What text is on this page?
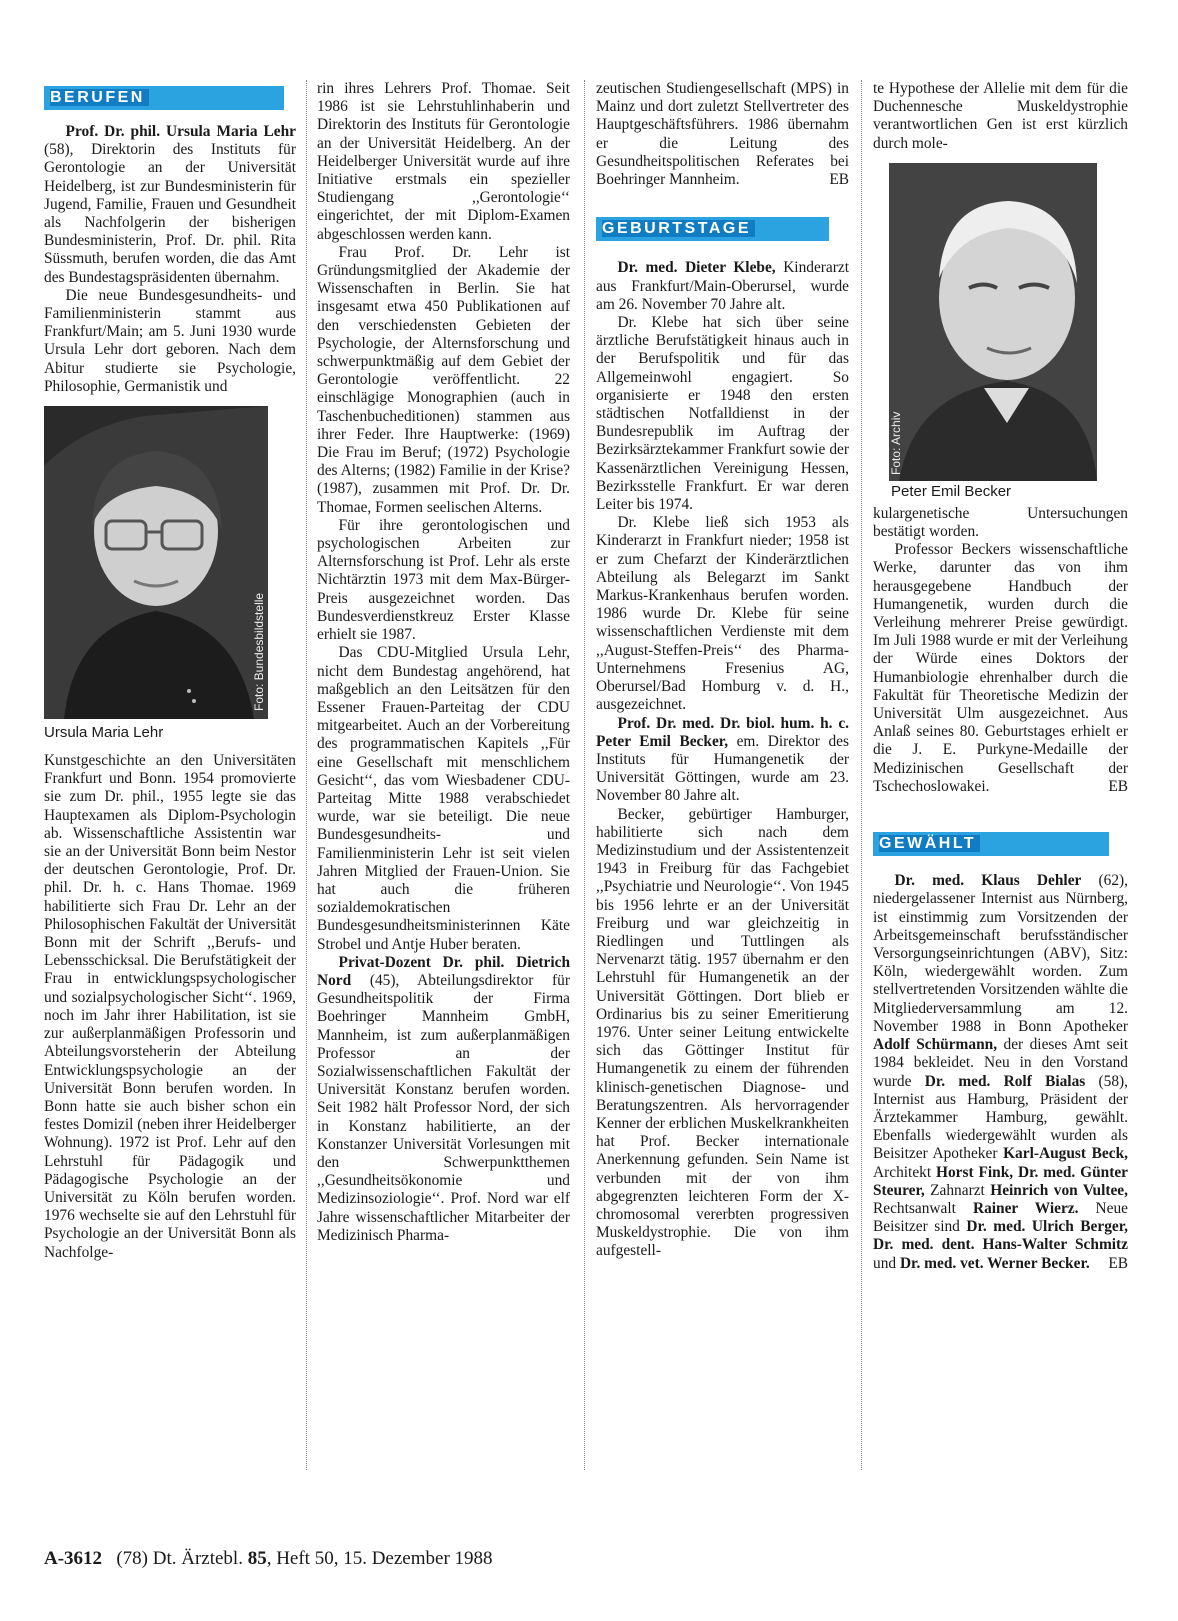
BERUFEN

Prof. Dr. phil. Ursula Maria Lehr (58), Direktorin des Instituts für Gerontologie an der Universität Heidelberg, ist zur Bundesministerin für Jugend, Familie, Frauen und Gesundheit als Nachfolgerin der bisherigen Bundesministerin, Prof. Dr. phil. Rita Süssmuth, berufen worden, die das Amt des Bundestagspräsidenten übernahm.

Die neue Bundesgesundheits- und Familienministerin stammt aus Frankfurt/Main; am 5. Juni 1930 wurde Ursula Lehr dort geboren. Nach dem Abitur studierte sie Psychologie, Philosophie, Germanistik und

Foto: Bundesbildstelle
Ursula Maria Lehr

Kunstgeschichte an den Universitäten Frankfurt und Bonn. 1954 promovierte sie zum Dr. phil., 1955 legte sie das Hauptexamen als Diplom-Psychologin ab. Wissenschaftliche Assistentin war sie an der Universität Bonn beim Nestor der deutschen Gerontologie, Prof. Dr. phil. Dr. h. c. Hans Thomae. 1969 habilitierte sich Frau Dr. Lehr an der Philosophischen Fakultät der Universität Bonn mit der Schrift ,,Berufs- und Lebensschicksal. Die Berufstätigkeit der Frau in entwicklungspsychologischer und sozialpsychologischer Sicht‘‘. 1969, noch im Jahr ihrer Habilitation, ist sie zur außerplanmäßigen Professorin und Abteilungsvorsteherin der Abteilung Entwicklungspsychologie an der Universität Bonn berufen worden. In Bonn hatte sie auch bisher schon ein festes Domizil (neben ihrer Heidelberger Wohnung). 1972 ist Prof. Lehr auf den Lehrstuhl für Pädagogik und Pädagogische Psychologie an der Universität zu Köln berufen worden. 1976 wechselte sie auf den Lehrstuhl für Psychologie an der Universität Bonn als Nachfolge-

rin ihres Lehrers Prof. Thomae. Seit 1986 ist sie Lehrstuhlinhaberin und Direktorin des Instituts für Gerontologie an der Universität Heidelberg. An der Heidelberger Universität wurde auf ihre Initiative erstmals ein spezieller Studiengang ,,Gerontologie‘‘ eingerichtet, der mit Diplom-Examen abgeschlossen werden kann.

Frau Prof. Dr. Lehr ist Gründungsmitglied der Akademie der Wissenschaften in Berlin. Sie hat insgesamt etwa 450 Publikationen auf den verschiedensten Gebieten der Psychologie, der Alternsforschung und schwerpunktmäßig auf dem Gebiet der Gerontologie veröffentlicht. 22 einschlägige Monographien (auch in Taschenbucheditionen) stammen aus ihrer Feder. Ihre Hauptwerke: (1969) Die Frau im Beruf; (1972) Psychologie des Alterns; (1982) Familie in der Krise? (1987), zusammen mit Prof. Dr. Dr. Thomae, Formen seelischen Alterns.

Für ihre gerontologischen und psychologischen Arbeiten zur Alternsforschung ist Prof. Lehr als erste Nichtärztin 1973 mit dem Max-Bürger-Preis ausgezeichnet worden. Das Bundesverdienstkreuz Erster Klasse erhielt sie 1987.

Das CDU-Mitglied Ursula Lehr, nicht dem Bundestag angehörend, hat maßgeblich an den Leitsätzen für den Essener Frauen-Parteitag der CDU mitgearbeitet. Auch an der Vorbereitung des programmatischen Kapitels ,,Für eine Gesellschaft mit menschlichem Gesicht‘‘, das vom Wiesbadener CDU-Parteitag Mitte 1988 verabschiedet wurde, war sie beteiligt. Die neue Bundesgesundheits- und Familienministerin Lehr ist seit vielen Jahren Mitglied der Frauen-Union. Sie hat auch die früheren sozialdemokratischen Bundesgesundheitsministerinnen Käte Strobel und Antje Huber beraten.

Privat-Dozent Dr. phil. Dietrich Nord (45), Abteilungsdirektor für Gesundheitspolitik der Firma Boehringer Mannheim GmbH, Mannheim, ist zum außerplanmäßigen Professor an der Sozialwissenschaftlichen Fakultät der Universität Konstanz berufen worden. Seit 1982 hält Professor Nord, der sich in Konstanz habilitierte, an der Konstanzer Universität Vorlesungen mit den Schwerpunktthemen ,,Gesundheitsökonomie und Medizinsoziologie‘‘. Prof. Nord war elf Jahre wissenschaftlicher Mitarbeiter der Medizinisch Pharma-

zeutischen Studiengesellschaft (MPS) in Mainz und dort zuletzt Stellvertreter des Hauptgeschäftsführers. 1986 übernahm er die Leitung des Gesundheitspolitischen Referates bei Boehringer Mannheim.	EB
GEBURTSTAGE

Dr. med. Dieter Klebe, Kinderarzt aus Frankfurt/Main-Oberursel, wurde am 26. November 70 Jahre alt.

Dr. Klebe hat sich über seine ärztliche Berufstätigkeit hinaus auch in der Berufspolitik und für das Allgemeinwohl engagiert. So organisierte er 1948 den ersten städtischen Notfalldienst in der Bundesrepublik im Auftrag der Bezirksärztekammer Frankfurt sowie der Kassenärztlichen Vereinigung Hessen, Bezirksstelle Frankfurt. Er war deren Leiter bis 1974.

Dr. Klebe ließ sich 1953 als Kinderarzt in Frankfurt nieder; 1958 ist er zum Chefarzt der Kinderärztlichen Abteilung als Belegarzt im Sankt Markus-Krankenhaus berufen worden. 1986 wurde Dr. Klebe für seine wissenschaftlichen Verdienste mit dem ,,August-Steffen-Preis‘‘ des Pharma-Unternehmens Fresenius AG, Oberursel/Bad Homburg v. d. H., ausgezeichnet.

Prof. Dr. med. Dr. biol. hum. h. c. Peter Emil Becker, em. Direktor des Instituts für Humangenetik der Universität Göttingen, wurde am 23. November 80 Jahre alt.

Becker, gebürtiger Hamburger, habilitierte sich nach dem Medizinstudium und der Assistentenzeit 1943 in Freiburg für das Fachgebiet ,,Psychiatrie und Neurologie‘‘. Von 1945 bis 1956 lehrte er an der Universität Freiburg und war gleichzeitig in Riedlingen und Tuttlingen als Nervenarzt tätig. 1957 übernahm er den Lehrstuhl für Humangenetik an der Universität Göttingen. Dort blieb er Ordinarius bis zu seiner Emeritierung 1976. Unter seiner Leitung entwickelte sich das Göttinger Institut für Humangenetik zu einem der führenden klinisch-genetischen Diagnose- und Beratungszentren. Als hervorragender Kenner der erblichen Muskelkrankheiten hat Prof. Becker internationale Anerkennung gefunden. Sein Name ist verbunden mit der von ihm abgegrenzten leichteren Form der X-chromosomal vererbten progressiven Muskeldystrophie. Die von ihm aufgestell-

te Hypothese der Allelie mit dem für die Duchennesche Muskeldystrophie verantwortlichen Gen ist erst kürzlich durch mole-

Foto: Archiv
Peter Emil Becker

kulargenetische Untersuchungen bestätigt worden.

Professor Beckers wissenschaftliche Werke, darunter das von ihm herausgegebene Handbuch der Humangenetik, wurden durch die Verleihung mehrerer Preise gewürdigt. Im Juli 1988 wurde er mit der Verleihung der Würde eines Doktors der Humanbiologie ehrenhalber durch die Fakultät für Theoretische Medizin der Universität Ulm ausgezeichnet. Aus Anlaß seines 80. Geburtstages erhielt er die J. E. Purkyne-Medaille der Medizinischen Gesellschaft der Tschechoslowakei.	EB
GEWÄHLT

Dr. med. Klaus Dehler (62), niedergelassener Internist aus Nürnberg, ist einstimmig zum Vorsitzenden der Arbeitsgemeinschaft berufsständischer Versorgungseinrichtungen (ABV), Sitz: Köln, wiedergewählt worden. Zum stellvertretenden Vorsitzenden wählte die Mitgliederversammlung am 12. November 1988 in Bonn Apotheker Adolf Schürmann, der dieses Amt seit 1984 bekleidet. Neu in den Vorstand wurde Dr. med. Rolf Bialas (58), Internist aus Hamburg, Präsident der Ärztekammer Hamburg, gewählt. Ebenfalls wiedergewählt wurden als Beisitzer Apotheker Karl-August Beck, Architekt Horst Fink, Dr. med. Günter Steurer, Zahnarzt Heinrich von Vultee, Rechtsanwalt Rainer Wierz. Neue Beisitzer sind Dr. med. Ulrich Berger, Dr. med. dent. Hans-Walter Schmitz und Dr. med. vet. Werner Becker.	EB
A-3612 (78) Dt. Ärztebl. 85, Heft 50, 15. Dezember 1988
